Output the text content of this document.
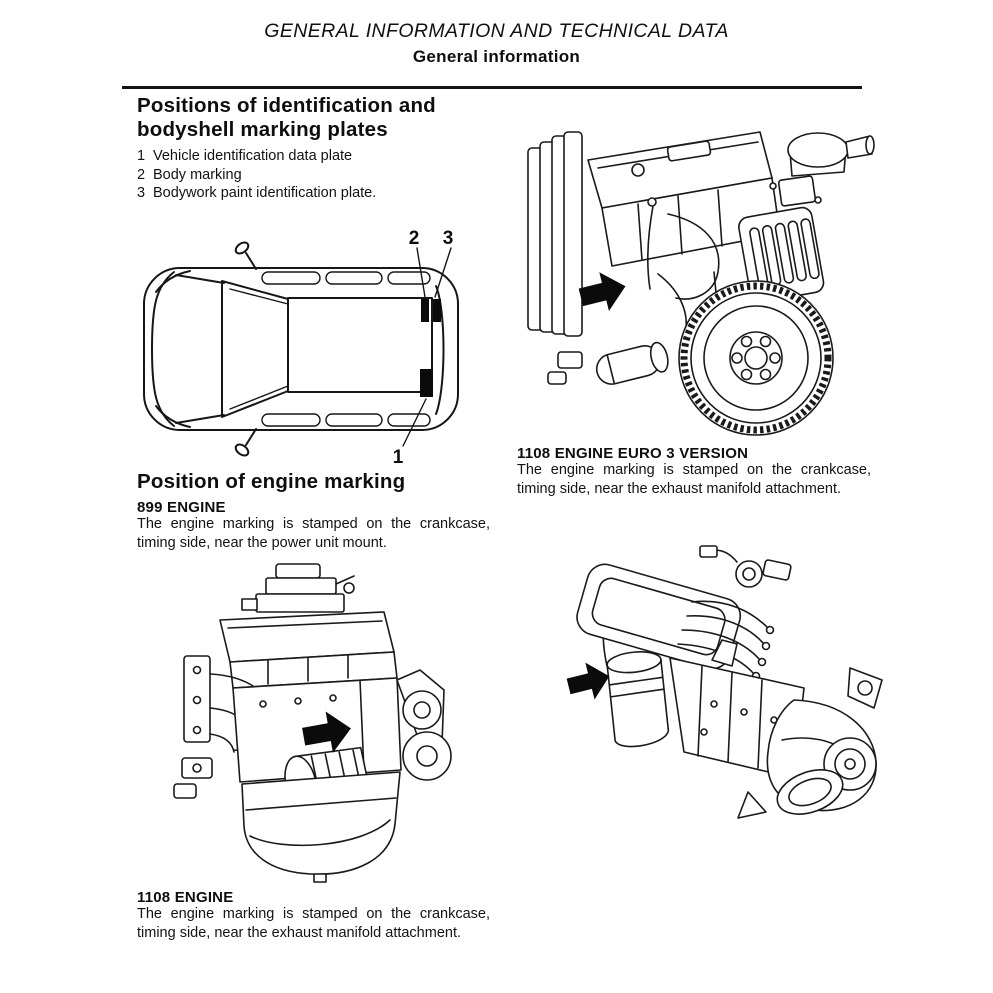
GENERAL INFORMATION AND TECHNICAL DATA
General information
Positions of identification and bodyshell marking plates
1 Vehicle identification data plate
2 Body marking
3 Bodywork paint identification plate.
2 3
1
Position of engine marking
899 ENGINE
The engine marking is stamped on the crankcase, timing side, near the power unit mount.
1108 ENGINE
The engine marking is stamped on the crankcase, timing side, near the exhaust manifold attachment.
1108 ENGINE EURO 3 VERSION
The engine marking is stamped on the crankcase, timing side, near the exhaust manifold attachment.
